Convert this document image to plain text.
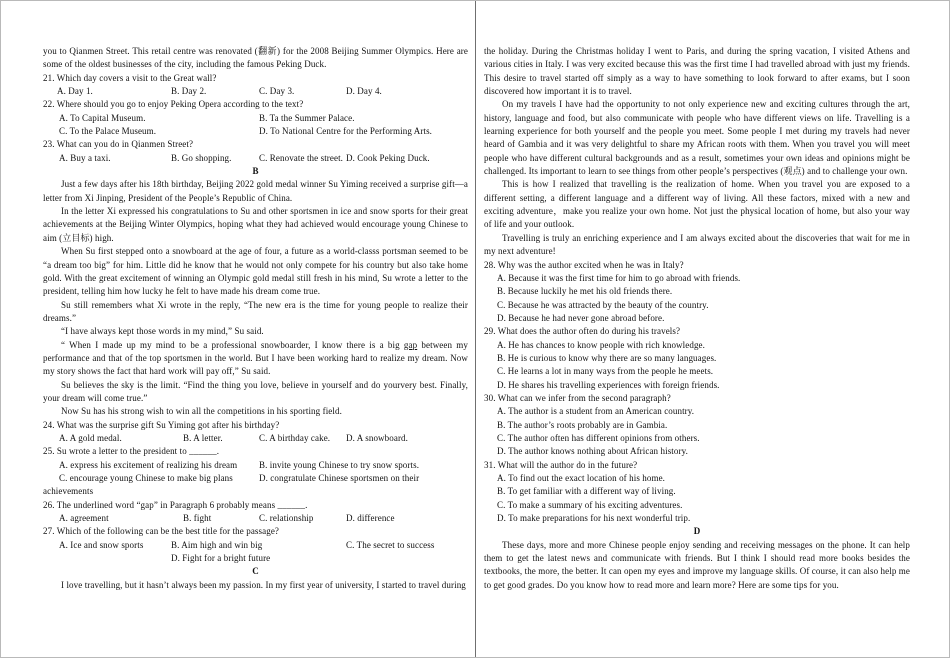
you to Qianmen Street. This retail centre was renovated (翻新) for the 2008 Beijing Summer Olympics. Here are some of the oldest businesses of the city, including the famous Peking Duck.
21. Which day covers a visit to the Great wall?
A. Day 1.	B. Day 2.	C. Day 3.	D. Day 4.
22. Where should you go to enjoy Peking Opera according to the text?
A. To Capital Museum.	B. Ta the Summer Palace.
C. To the Palace Museum.	D. To National Centre for the Performing Arts.
23. What can you do in Qianmen Street?
A. Buy a taxi.	B. Go shopping.	C. Renovate the street. D. Cook Peking Duck.
B
Just a few days after his 18th birthday, Beijing 2022 gold medal winner Su Yiming received a surprise gift—a letter from Xi Jinping, President of the People’s Republic of China.
In the letter Xi expressed his congratulations to Su and other sportsmen in ice and snow sports for their great achievements at the Beijing Winter Olympics, hoping what they had achieved would encourage young Chinese to aim (立目标) high.
When Su first stepped onto a snowboard at the age of four, a future as a world-classs portsman seemed to be “a dream too big” for him. Little did he know that he would not only compete for his country but also take home gold. With the great excitement of winning an Olympic gold medal still fresh in his mind, Su wrote a letter to the president, telling him how lucky he felt to have made his dream come true.
Su still remembers what Xi wrote in the reply, “The new era is the time for young people to realize their dreams.”
“I have always kept those words in my mind,” Su said.
“ When I made up my mind to be a professional snowboarder, I know there is a big gap between my performance and that of the top sportsmen in the world. But I have been working hard to realize my dream. Now my story shows the fact that hard work will pay off,” Su said.
Su believes the sky is the limit. “Find the thing you love, believe in yourself and do yourvery best. Finally, your dream will come true.”
Now Su has his strong wish to win all the competitions in his sporting field.
24. What was the surprise gift Su Yiming got after his birthday?
A. A gold medal.	B. A letter.	C. A birthday cake. D. A snowboard.
25. Su wrote a letter to the president to ______.
A. express his excitement of realizing his dream B. invite young Chinese to try snow sports.
C. encourage young Chinese to make big plans	D. congratulate Chinese sportsmen on their
achievements
26. The underlined word “gap” in Paragraph 6 probably means ______.
A. agreement	B. fight	C. relationship	D. difference
27. Which of the following can be the best title for the passage?
A. Ice and snow sports	B. Aim high and win big	C. The secret to success
D. Fight for a bright future
C
I love travelling, but it hasn’t always been my passion. In my first year of university, I started to travel during
the holiday. During the Christmas holiday I went to Paris, and during the spring vacation, I visited Athens and various cities in Italy. I was very excited because this was the first time I had travelled abroad with just my friends. This desire to travel started off simply as a way to have something to look forward to after exams, but I soon discovered how important it is to travel.
On my travels I have had the opportunity to not only experience new and exciting cultures through the art, history, language and food, but also communicate with people who have different views on life. Travelling is a learning experience for both yourself and the people you meet. Some people I met during my travels had never heard of Gambia and it was very delightful to share my African roots with them. When you travel you will meet people who have different cultural backgrounds and as a result, sometimes your own ideas and opinions might be challenged. Its important to learn to see things from other people’s perspectives (观点) and to challenge your own.
This is how I realized that travelling is the realization of home. When you travel you are exposed to a different setting, a different language and a different way of living. All these factors, mixed with a new and exciting adventure，make you realize your own home. Not just the physical location of home, but also your way of life and your outlook.
Travelling is truly an enriching experience and I am always excited about the discoveries that wait for me in my next adventure!
28. Why was the author excited when he was in Italy?
A. Because it was the first time for him to go abroad with friends.
B. Because luckily he met his old friends there.
C. Because he was attracted by the beauty of the country.
D. Because he had never gone abroad before.
29. What does the author often do during his travels?
A. He has chances to know people with rich knowledge.
B. He is curious to know why there are so many languages.
C. He learns a lot in many ways from the people he meets.
D. He shares his travelling experiences with foreign friends.
30. What can we infer from the second paragraph?
A. The author is a student from an American country.
B. The author’s roots probably are in Gambia.
C. The author often has different opinions from others.
D. The author knows nothing about African history.
31. What will the author do in the future?
A. To find out the exact location of his home.
B. To get familiar with a different way of living.
C. To make a summary of his exciting adventures.
D. To make preparations for his next wonderful trip.
D
These days, more and more Chinese people enjoy sending and receiving messages on the phone. It can help them to get the latest news and communicate with friends. But I think I should read more books besides the textbooks, the more, the better. It can open my eyes and improve my language skills. Of course, it can also help me to get good grades. Do you know how to read more and learn more? Here are some tips for you.
